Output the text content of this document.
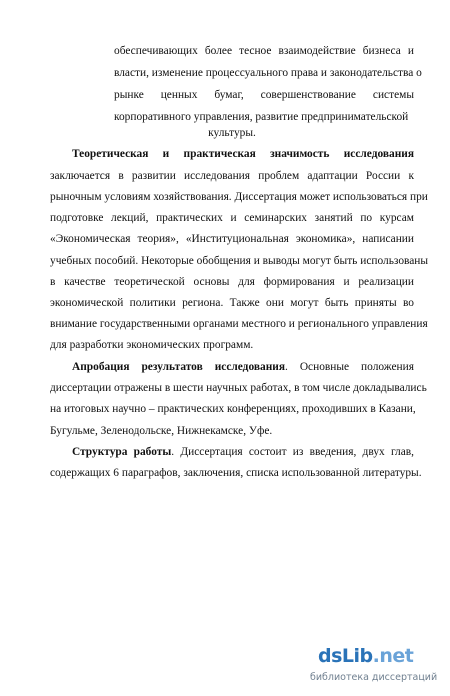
обеспечивающих более тесное взаимодействие бизнеса и
власти, изменение процессуального права и законодательства о
рынке ценных бумаг, совершенствование системы
корпоративного управления, развитие предпринимательской
культуры.
Теоретическая и практическая значимость исследования
заключается в развитии исследования проблем адаптации России к
рыночным условиям хозяйствования. Диссертация может использоваться при
подготовке лекций, практических и семинарских занятий по курсам
«Экономическая теория», «Институциональная экономика», написании
учебных пособий. Некоторые обобщения и выводы могут быть использованы
в качестве теоретической основы для формирования и реализации
экономической политики региона. Также они могут быть приняты во
внимание государственными органами местного и регионального управления
для разработки экономических программ.
Апробация результатов исследования. Основные положения
диссертации отражены в шести научных работах, в том числе докладывались
на итоговых научно – практических конференциях, проходивших в Казани,
Бугульме, Зеленодольске, Нижнекамске, Уфе.
Структура работы. Диссертация состоит из введения, двух глав,
содержащих 6 параграфов, заключения, списка использованной литературы.
dsLib.net
библиотека диссертаций
